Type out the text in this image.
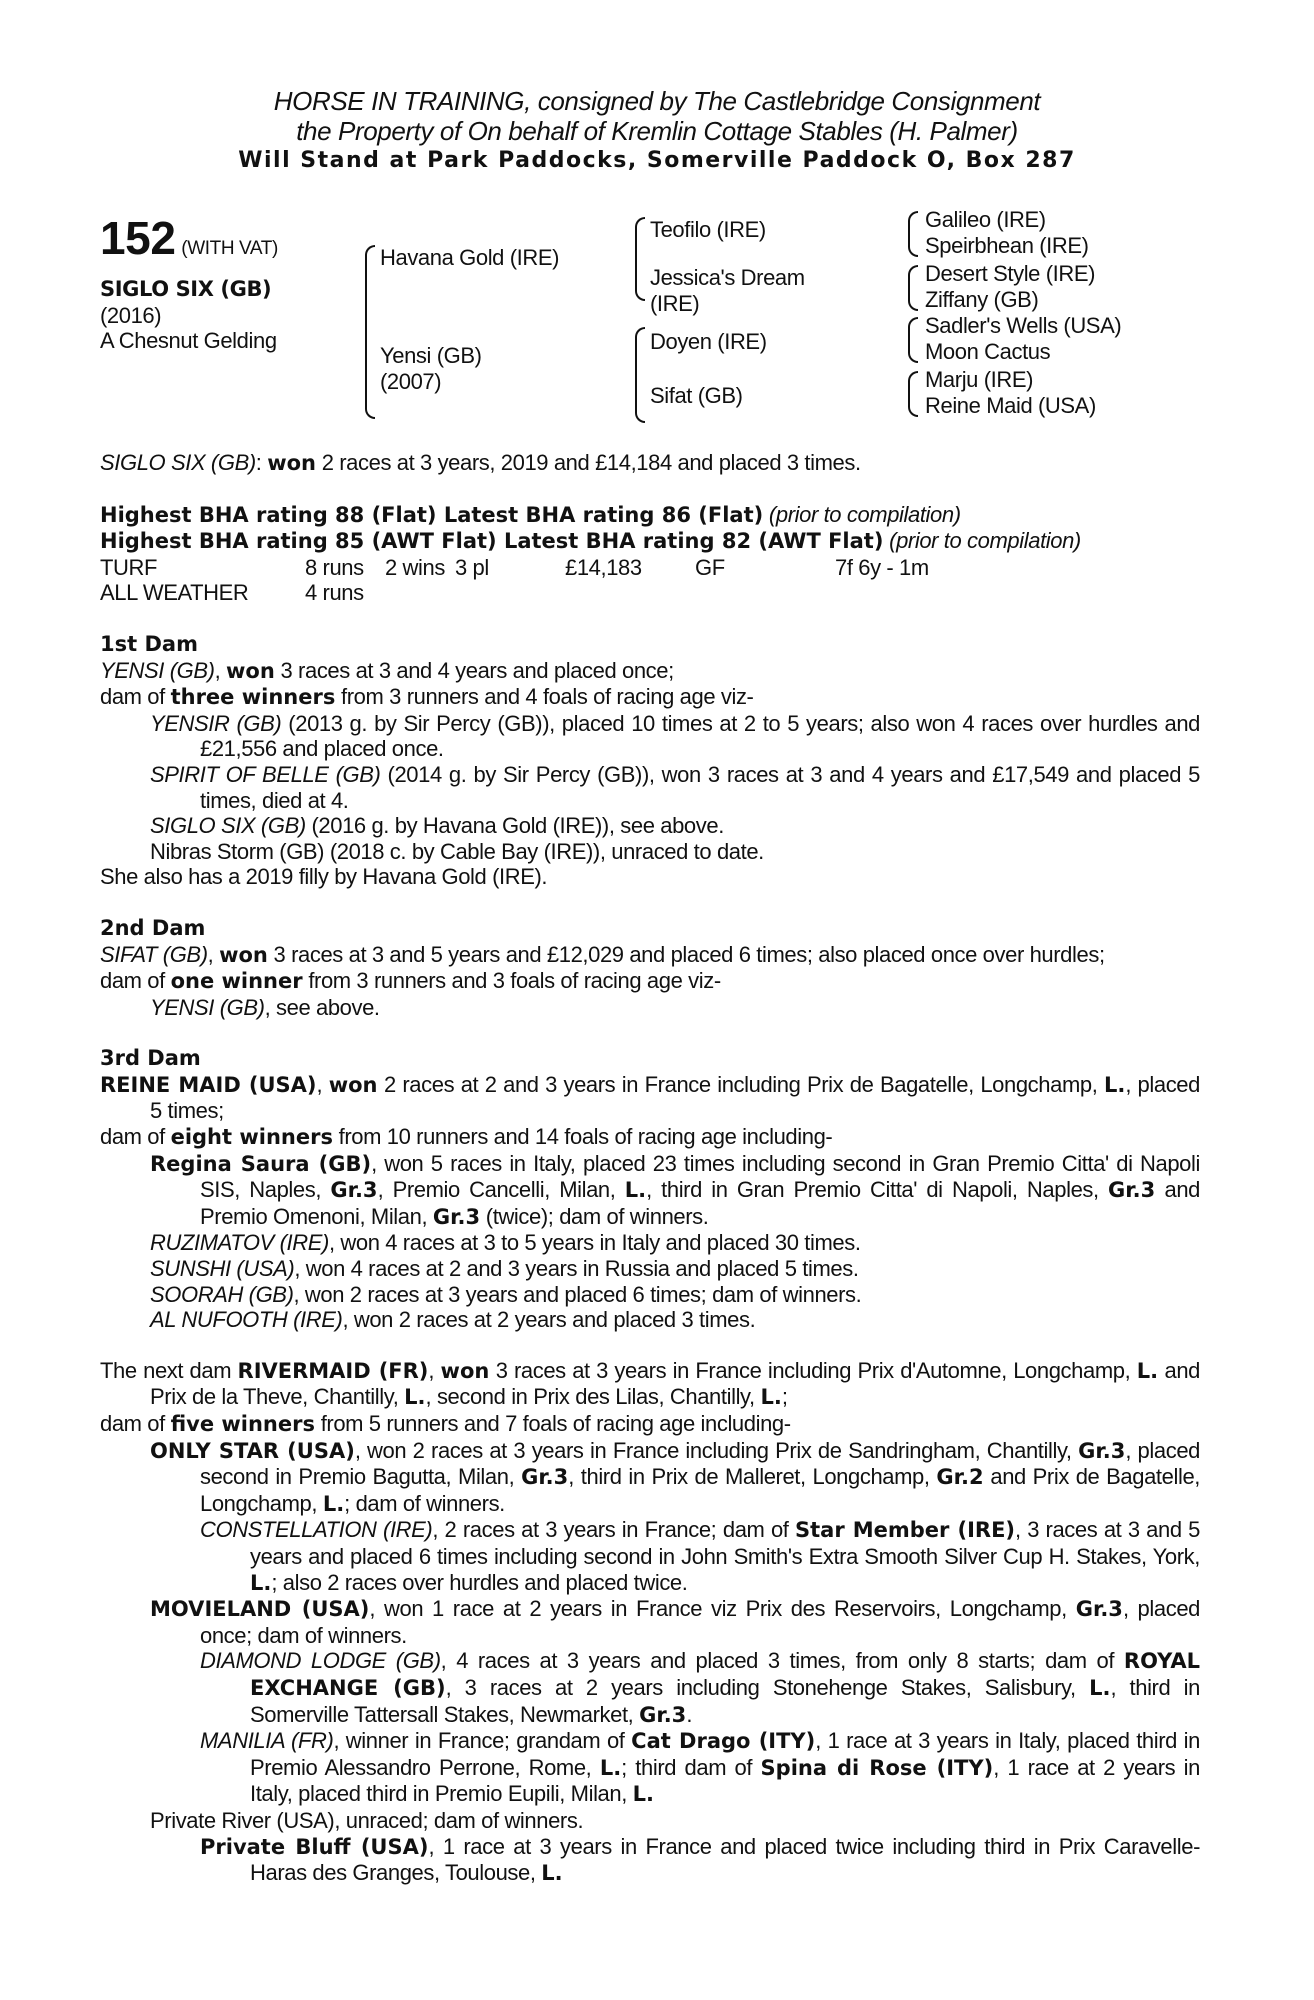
HORSE IN TRAINING, consigned by The Castlebridge Consignment
the Property of On behalf of Kremlin Cottage Stables (H. Palmer)
Will Stand at Park Paddocks, Somerville Paddock O, Box 287
152 (WITH VAT)
SIGLO SIX (GB)
(2016)
A Chesnut Gelding
Havana Gold (IRE)
Yensi (GB)
(2007)
Teofilo (IRE)
Jessica's Dream
(IRE)
Doyen (IRE)
Sifat (GB)
Galileo (IRE)
Speirbhean (IRE)
Desert Style (IRE)
Ziffany (GB)
Sadler's Wells (USA)
Moon Cactus
Marju (IRE)
Reine Maid (USA)

SIGLO SIX (GB): won 2 races at 3 years, 2019 and £14,184 and placed 3 times.

Highest BHA rating 88 (Flat) Latest BHA rating 86 (Flat) (prior to compilation)

Highest BHA rating 85 (AWT Flat) Latest BHA rating 82 (AWT Flat) (prior to compilation)

TURF	8 runs 2 wins 3 pl	£14,183	GF	7f 6y - 1m
ALL WEATHER	4 runs

1st Dam

YENSI (GB), won 3 races at 3 and 4 years and placed once;

dam of three winners from 3 runners and 4 foals of racing age viz-

YENSIR (GB) (2013 g. by Sir Percy (GB)), placed 10 times at 2 to 5 years; also won 4 races over hurdles and £21,556 and placed once.

SPIRIT OF BELLE (GB) (2014 g. by Sir Percy (GB)), won 3 races at 3 and 4 years and £17,549 and placed 5 times, died at 4.

SIGLO SIX (GB) (2016 g. by Havana Gold (IRE)), see above.

Nibras Storm (GB) (2018 c. by Cable Bay (IRE)), unraced to date.

She also has a 2019 filly by Havana Gold (IRE).

2nd Dam

SIFAT (GB), won 3 races at 3 and 5 years and £12,029 and placed 6 times; also placed once over hurdles;

dam of one winner from 3 runners and 3 foals of racing age viz-

YENSI (GB), see above.

3rd Dam

REINE MAID (USA), won 2 races at 2 and 3 years in France including Prix de Bagatelle, Longchamp, L., placed 5 times;

dam of eight winners from 10 runners and 14 foals of racing age including-

Regina Saura (GB), won 5 races in Italy, placed 23 times including second in Gran Premio Citta' di Napoli SIS, Naples, Gr.3, Premio Cancelli, Milan, L., third in Gran Premio Citta' di Napoli, Naples, Gr.3 and Premio Omenoni, Milan, Gr.3 (twice); dam of winners.

RUZIMATOV (IRE), won 4 races at 3 to 5 years in Italy and placed 30 times.

SUNSHI (USA), won 4 races at 2 and 3 years in Russia and placed 5 times.

SOORAH (GB), won 2 races at 3 years and placed 6 times; dam of winners.

AL NUFOOTH (IRE), won 2 races at 2 years and placed 3 times.

The next dam RIVERMAID (FR), won 3 races at 3 years in France including Prix d'Automne, Longchamp, L. and Prix de la Theve, Chantilly, L., second in Prix des Lilas, Chantilly, L.;

dam of five winners from 5 runners and 7 foals of racing age including-

ONLY STAR (USA), won 2 races at 3 years in France including Prix de Sandringham, Chantilly, Gr.3, placed second in Premio Bagutta, Milan, Gr.3, third in Prix de Malleret, Longchamp, Gr.2 and Prix de Bagatelle, Longchamp, L.; dam of winners.

CONSTELLATION (IRE), 2 races at 3 years in France; dam of Star Member (IRE), 3 races at 3 and 5 years and placed 6 times including second in John Smith's Extra Smooth Silver Cup H. Stakes, York, L.; also 2 races over hurdles and placed twice.

MOVIELAND (USA), won 1 race at 2 years in France viz Prix des Reservoirs, Longchamp, Gr.3, placed once; dam of winners.

DIAMOND LODGE (GB), 4 races at 3 years and placed 3 times, from only 8 starts; dam of ROYAL EXCHANGE (GB), 3 races at 2 years including Stonehenge Stakes, Salisbury, L., third in Somerville Tattersall Stakes, Newmarket, Gr.3.

MANILIA (FR), winner in France; grandam of Cat Drago (ITY), 1 race at 3 years in Italy, placed third in Premio Alessandro Perrone, Rome, L.; third dam of Spina di Rose (ITY), 1 race at 2 years in Italy, placed third in Premio Eupili, Milan, L.

Private River (USA), unraced; dam of winners.

Private Bluff (USA), 1 race at 3 years in France and placed twice including third in Prix Caravelle-Haras des Granges, Toulouse, L.
